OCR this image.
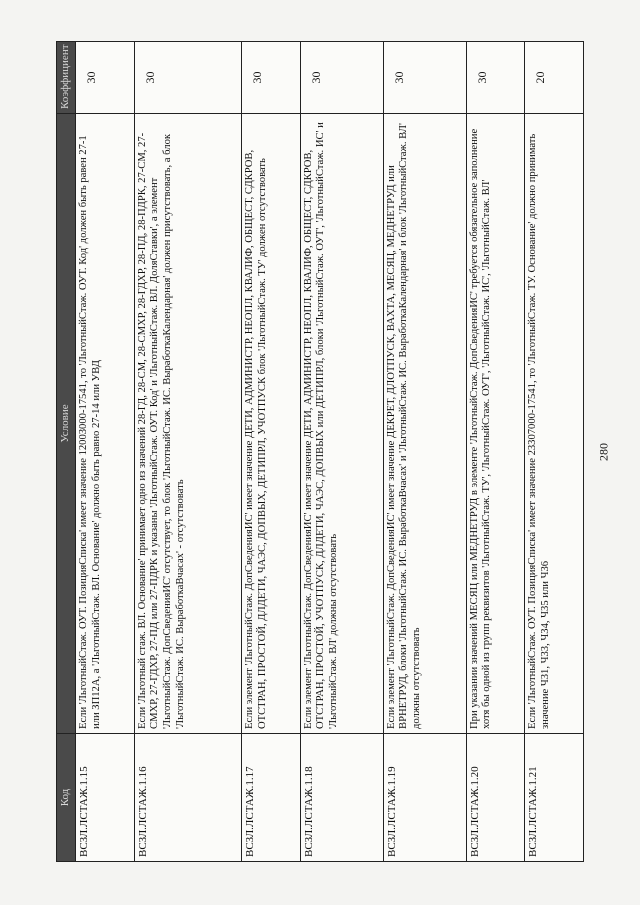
280
Код	Условие	Коэффициент
ВСЗЛ.ЛСТАЖ.1.15	Если 'ЛьготныйСтаж. ОУТ. ПозицияСписка' имеет значение 12003000-17541, то 'ЛьготныйСтаж. ОУТ. Код' должен быть равен 27-1 или ЗП12А, а 'ЛьготныйСтаж. ВЛ. Основание' должно быть равно 27-14 или УВД	30
ВСЗЛ.ЛСТАЖ.1.16	Если 'Льготный стаж. ВЛ. Основание' принимает одно из значений 28-ГД, 28-СМ, 28-СМХР, 28-ГДХР, 28-ПД, 28-ПДРК, 27-СМ, 27-СМХР, 27-ГДХР, 27-ПД или 27-ПДРК и указаны 'ЛьготныйСтаж. ОУТ. Код' и 'ЛьготныйСтаж. ВЛ. ДоляСтавки', а элемент 'ЛьготныйСтаж. ДопСведенияИС' отсутствует, то блок 'ЛьготныйСтаж. ИС. ВыработкаКалендарная' должен присутствовать, а блок 'ЛьготныйСтаж. ИС. ВыработкаВчасах' - отсутствовать	30
ВСЗЛ.ЛСТАЖ.1.17	Если элемент 'ЛьготныйСтаж. ДопСведенияИС' имеет значение ДЕТИ, АДМИНИСТР, НЕОПЛ, КВАЛИФ, ОБЩЕСТ, СДКРОВ, ОТСТРАН, ПРОСТОЙ, ДЛДЕТИ, ЧАЭС, ДОПВЫХ, ДЕТИПРЛ, УЧОТПУСК блок 'ЛьготныйСтаж. ТУ' должен отсутствовать	30
ВСЗЛ.ЛСТАЖ.1.18	Если элемент 'ЛьготныйСтаж. ДопСведенияИС' имеет значение ДЕТИ, АДМИНИСТР, НЕОПЛ, КВАЛИФ, ОБЩЕСТ, СДКРОВ, ОТСТРАН, ПРОСТОЙ, УЧОТПУСК, ДЛДЕТИ, ЧАЭС, ДОПВЫХ или ДЕТИПРЛ, блоки 'ЛьготныйСтаж. ОУТ', 'ЛьготныйСтаж. ИС' и 'ЛьготныйСтаж. ВЛ' должны отсутствовать	30
ВСЗЛ.ЛСТАЖ.1.19	Если элемент 'ЛьготныйСтаж. ДопСведенияИС' имеет значение ДЕКРЕТ, ДЛОТПУСК, ВАХТА, МЕСЯЦ, МЕДНЕТРУД или ВРНЕТРУД, блоки 'ЛьготныйСтаж. ИС. ВыработкаВчасах' и 'ЛьготныйСтаж. ИС. ВыработкаКалендарная' и блок 'ЛьготныйСтаж. ВЛ' должны отсутствовать	30
ВСЗЛ.ЛСТАЖ.1.20	При указании значений МЕСЯЦ или МЕДНЕТРУД в элементе 'ЛьготныйСтаж. ДопСведенияИС' требуется обязательное заполнение хотя бы одной из групп реквизитов 'ЛьготныйСтаж. ТУ', 'ЛьготныйСтаж. ОУТ', 'ЛьготныйСтаж. ИС', 'ЛьготныйСтаж. ВЛ'	30
ВСЗЛ.ЛСТАЖ.1.21	Если 'ЛьготныйСтаж. ОУТ. ПозицияСписка' имеет значение 23307000-17541, то 'ЛьготныйСтаж. ТУ. Основание' должно принимать значение Ч31, Ч33, Ч34, Ч35 или Ч36	20
